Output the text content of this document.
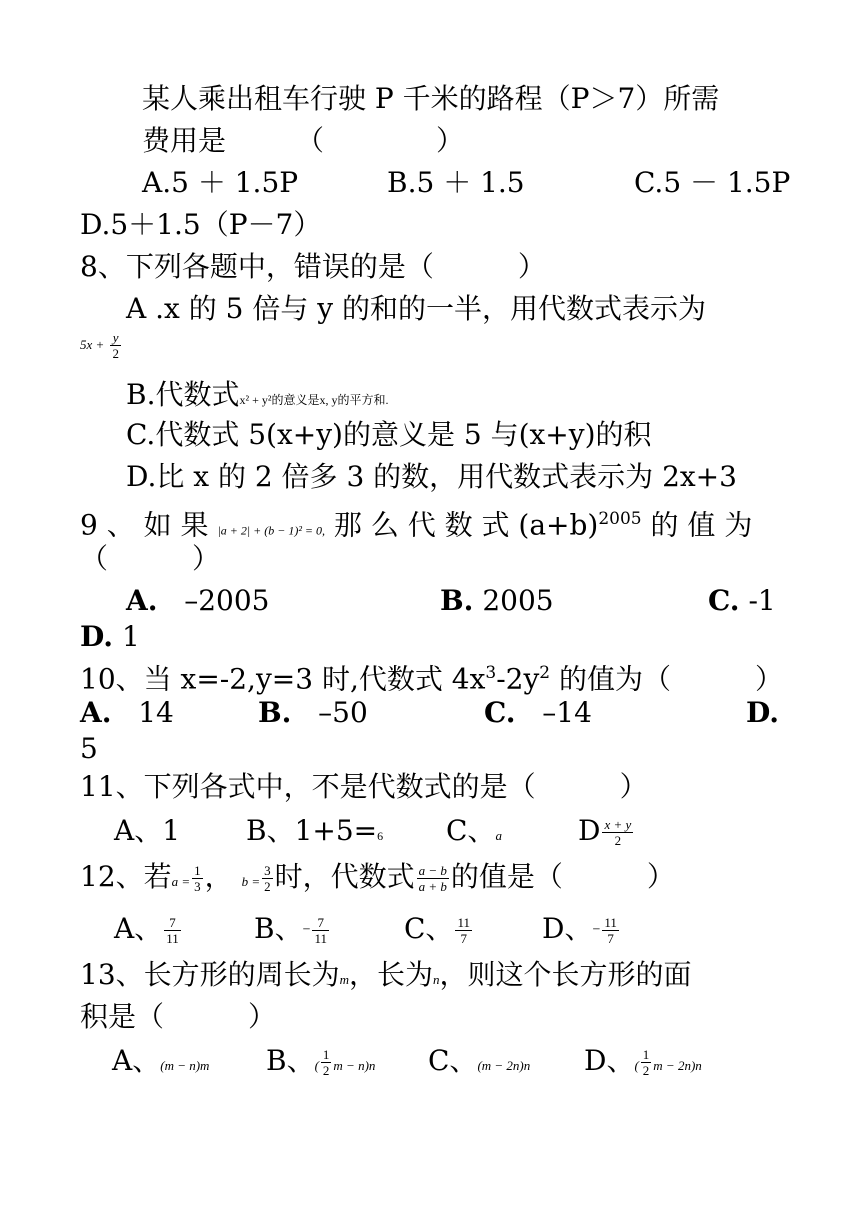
某人乘出租车行驶 P 千米的路程（P＞7）所需
费用是　　　（　　　　）
A.5 ＋ 1.5P	B.5 ＋ 1.5	C.5 － 1.5P
D.5＋1.5（P－7）
8、下列各题中，错误的是（　　　）
A .x 的 5 倍与 y 的和的一半，用代数式表示为
$5x + \frac{y}{2}$
B.代数式x² + y²的意义是x, y的平方和.
C.代数式 5(x+y)的意义是 5 与(x+y)的积
D.比 x 的 2 倍多 3 的数，用代数式表示为 2x+3
9 、 如 果 |a + 2| + (b − 1)² = 0, 那 么 代 数 式 $(a+b)^{2005}$ 的 值 为
（　　　）
A. –2005	B. 2005	C. -1
D. 1
10、当 x=-2,y=3 时,代数式 $4x^3-2y^2$ 的值为（　　　）
A. 14	B. –50	C. –14	D.
5
11、下列各式中，不是代数式的是（　　　）
A、1 B、1+5=6 C、a	D $\frac{x + y}{2}$
12、若$a = \frac{1}{3}$ ， $b = \frac{3}{2}$ 时，代数式 $\frac{a - b}{a + b}$ 的值是（　　　）
A、 $\frac{7}{11}$	B、− $\frac{7}{11}$	C、 $\frac{11}{7}$	D、− $\frac{11}{7}$
13、长方形的周长为m，长为n，则这个长方形的面
积是（　　　）
A、(m − n)m B、( $\frac{1}{2}$ m − n)n C、(m − 2n)n D、( $\frac{1}{2}$ m − 2n)n
